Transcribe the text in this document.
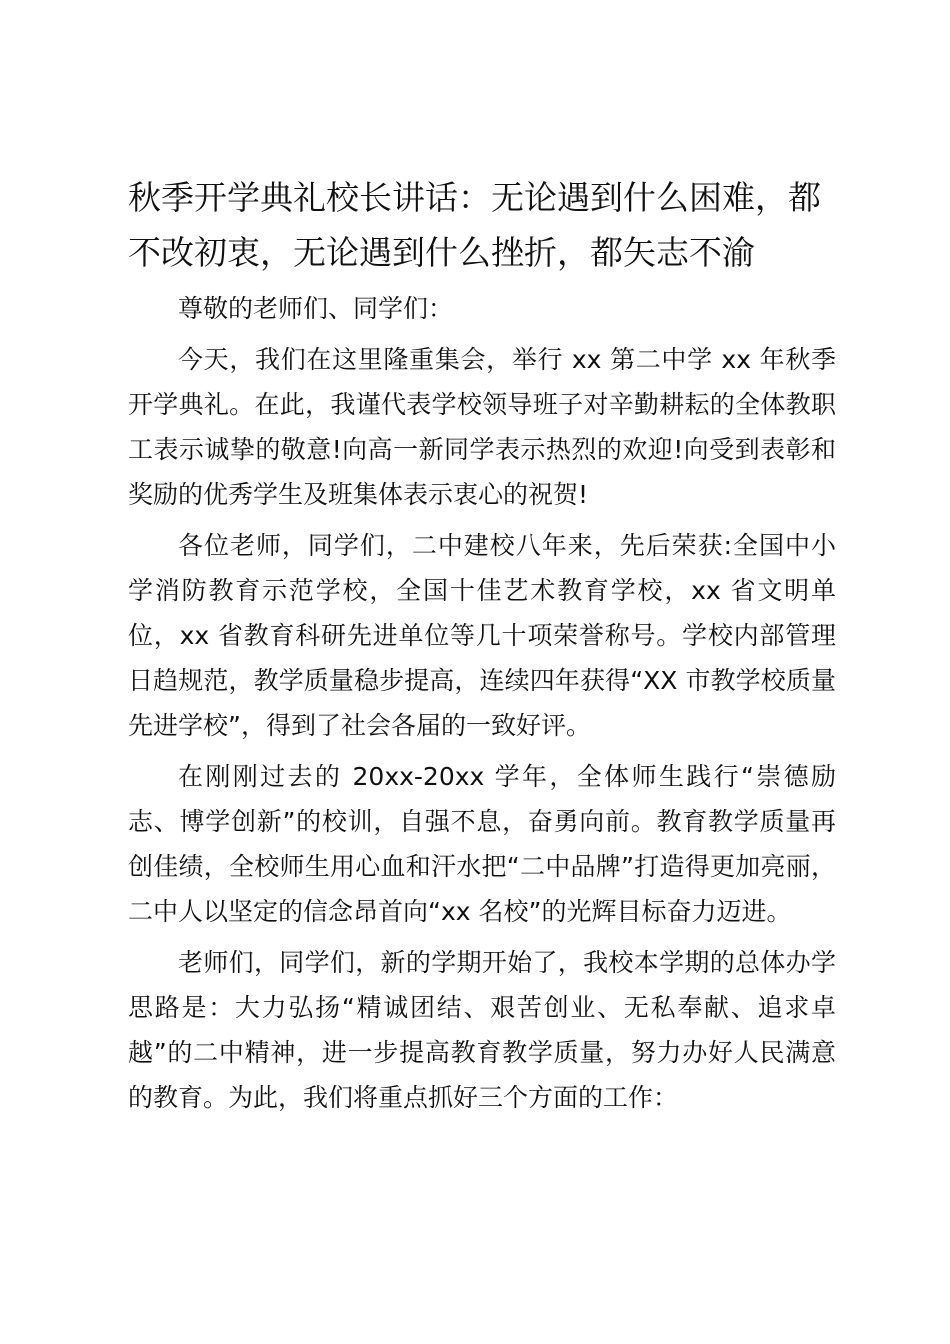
秋季开学典礼校长讲话：无论遇到什么困难，都不改初衷，无论遇到什么挫折，都矢志不渝

尊敬的老师们、同学们：

今天，我们在这里隆重集会，举行 xx 第二中学 xx 年秋季开学典礼。在此，我谨代表学校领导班子对辛勤耕耘的全体教职工表示诚挚的敬意!向高一新同学表示热烈的欢迎!向受到表彰和奖励的优秀学生及班集体表示衷心的祝贺!

各位老师，同学们，二中建校八年来，先后荣获:全国中小学消防教育示范学校，全国十佳艺术教育学校，xx 省文明单位，xx 省教育科研先进单位等几十项荣誉称号。学校内部管理日趋规范，教学质量稳步提高，连续四年获得“XX 市教学校质量先进学校”，得到了社会各届的一致好评。

在刚刚过去的 20xx-20xx 学年，全体师生践行“崇德励志、博学创新”的校训，自强不息，奋勇向前。教育教学质量再创佳绩，全校师生用心血和汗水把“二中品牌”打造得更加亮丽，二中人以坚定的信念昂首向“xx 名校”的光辉目标奋力迈进。

老师们，同学们，新的学期开始了，我校本学期的总体办学思路是：大力弘扬“精诚团结、艰苦创业、无私奉献、追求卓越”的二中精神，进一步提高教育教学质量，努力办好人民满意的教育。为此，我们将重点抓好三个方面的工作：
